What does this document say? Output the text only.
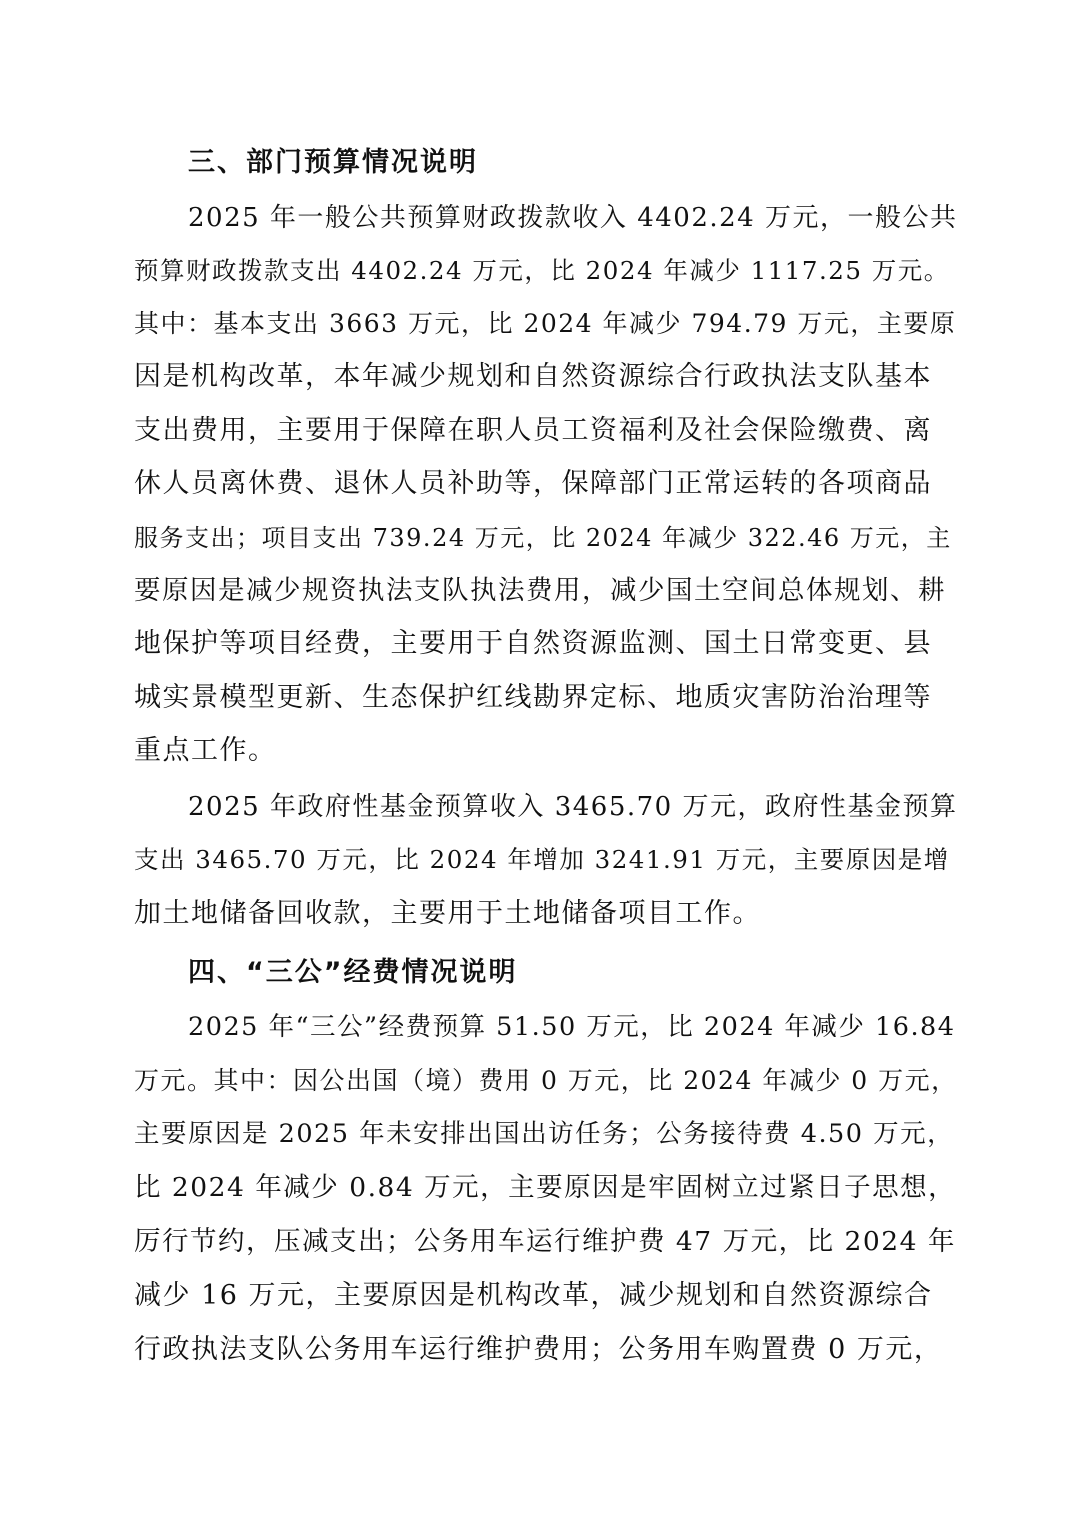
三、部门预算情况说明
2025 年一般公共预算财政拨款收入 4402.24 万元，一般公共
预算财政拨款支出 4402.24 万元，比 2024 年减少 1117.25 万元。
其中：基本支出 3663 万元，比 2024 年减少 794.79 万元，主要原
因是机构改革，本年减少规划和自然资源综合行政执法支队基本
支出费用，主要用于保障在职人员工资福利及社会保险缴费、离
休人员离休费、退休人员补助等，保障部门正常运转的各项商品
服务支出；项目支出 739.24 万元，比 2024 年减少 322.46 万元，主
要原因是减少规资执法支队执法费用，减少国土空间总体规划、耕
地保护等项目经费，主要用于自然资源监测、国土日常变更、县
城实景模型更新、生态保护红线勘界定标、地质灾害防治治理等
重点工作。
2025 年政府性基金预算收入 3465.70 万元，政府性基金预算
支出 3465.70 万元，比 2024 年增加 3241.91 万元，主要原因是增
加土地储备回收款，主要用于土地储备项目工作。
四、“三公”经费情况说明
2025 年“三公”经费预算 51.50 万元，比 2024 年减少 16.84
万元。其中：因公出国（境）费用 0 万元，比 2024 年减少 0 万元，
主要原因是 2025 年未安排出国出访任务；公务接待费 4.50 万元，
比 2024 年减少 0.84 万元，主要原因是牢固树立过紧日子思想，
厉行节约，压减支出；公务用车运行维护费 47 万元，比 2024 年
减少 16 万元，主要原因是机构改革，减少规划和自然资源综合
行政执法支队公务用车运行维护费用；公务用车购置费 0 万元，
